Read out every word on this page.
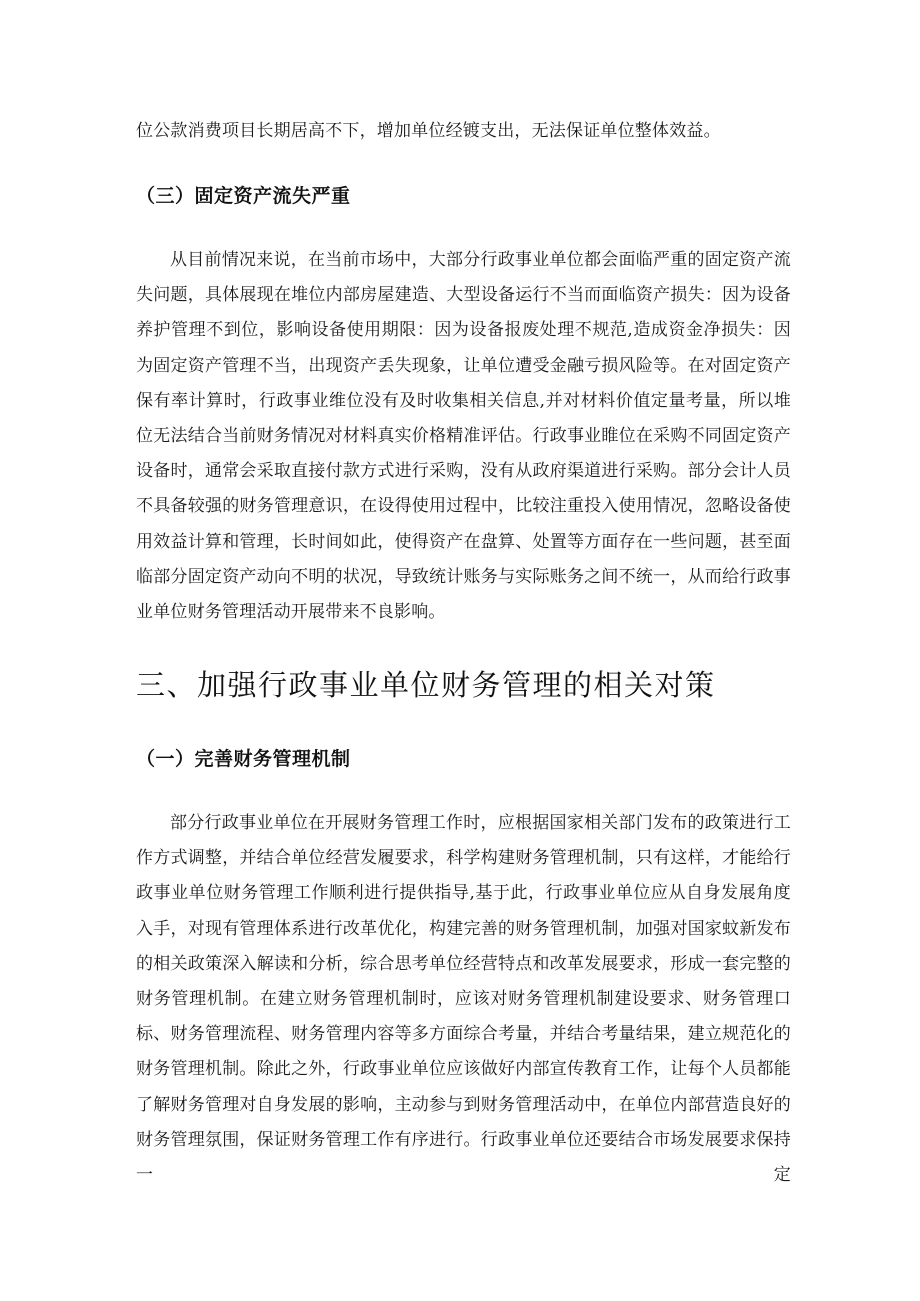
位公款消费项目长期居高不下，增加单位经镀支出，无法保证单位整体效益。

（三）固定资产流失严重

从目前情况来说，在当前市场中，大部分行政事业单位都会面临严重的固定资产流失问题，具体展现在堆位内部房屋建造、大型设备运行不当而面临资产损失：因为设备养护管理不到位，影响设备使用期限：因为设备报废处理不规范,造成资金净损失：因为固定资产管理不当，出现资产丢失现象，让单位遭受金融亏损风险等。在对固定资产保有率计算时，行政事业维位没有及时收集相关信息,并对材料价值定量考量，所以堆位无法结合当前财务情况对材料真实价格精准评估。行政事业睢位在采购不同固定资产设备时，通常会采取直接付款方式进行采购，没有从政府渠道进行采购。部分会计人员不具备较强的财务管理意识，在设得使用过程中，比较注重投入使用情况，忽略设备使用效益计算和管理，长时间如此，使得资产在盘算、处置等方面存在一些问题，甚至面临部分固定资产动向不明的状况，导致统计账务与实际账务之间不统一，从而给行政事业单位财务管理活动开展带来不良影响。

三、加强行政事业单位财务管理的相关对策
（一）完善财务管理机制

部分行政事业单位在开展财务管理工作时，应根据国家相关部门发布的政策进行工作方式调整，并结合单位经营发履要求，科学构建财务管理机制，只有这样，才能给行政事业单位财务管理工作顺利进行提供指导,基于此，行政事业单位应从自身发展角度入手，对现有管理体系进行改革优化，构建完善的财务管理机制，加强对国家蚊新发布的相关政策深入解读和分析，综合思考单位经营特点和改革发展要求，形成一套完整的财务管理机制。在建立财务管理机制时，应该对财务管理机制建设要求、财务管理口标、财务管理流程、财务管理内容等多方面综合考量，并结合考量结果，建立规范化的财务管理机制。除此之外，行政事业单位应该做好内部宣传教育工作，让每个人员都能了解财务管理对自身发展的影响，主动参与到财务管理活动中，在单位内部营造良好的财务管理氛围，保证财务管理工作有序进行。行政事业单位还要结合市场发展要求保持一定
